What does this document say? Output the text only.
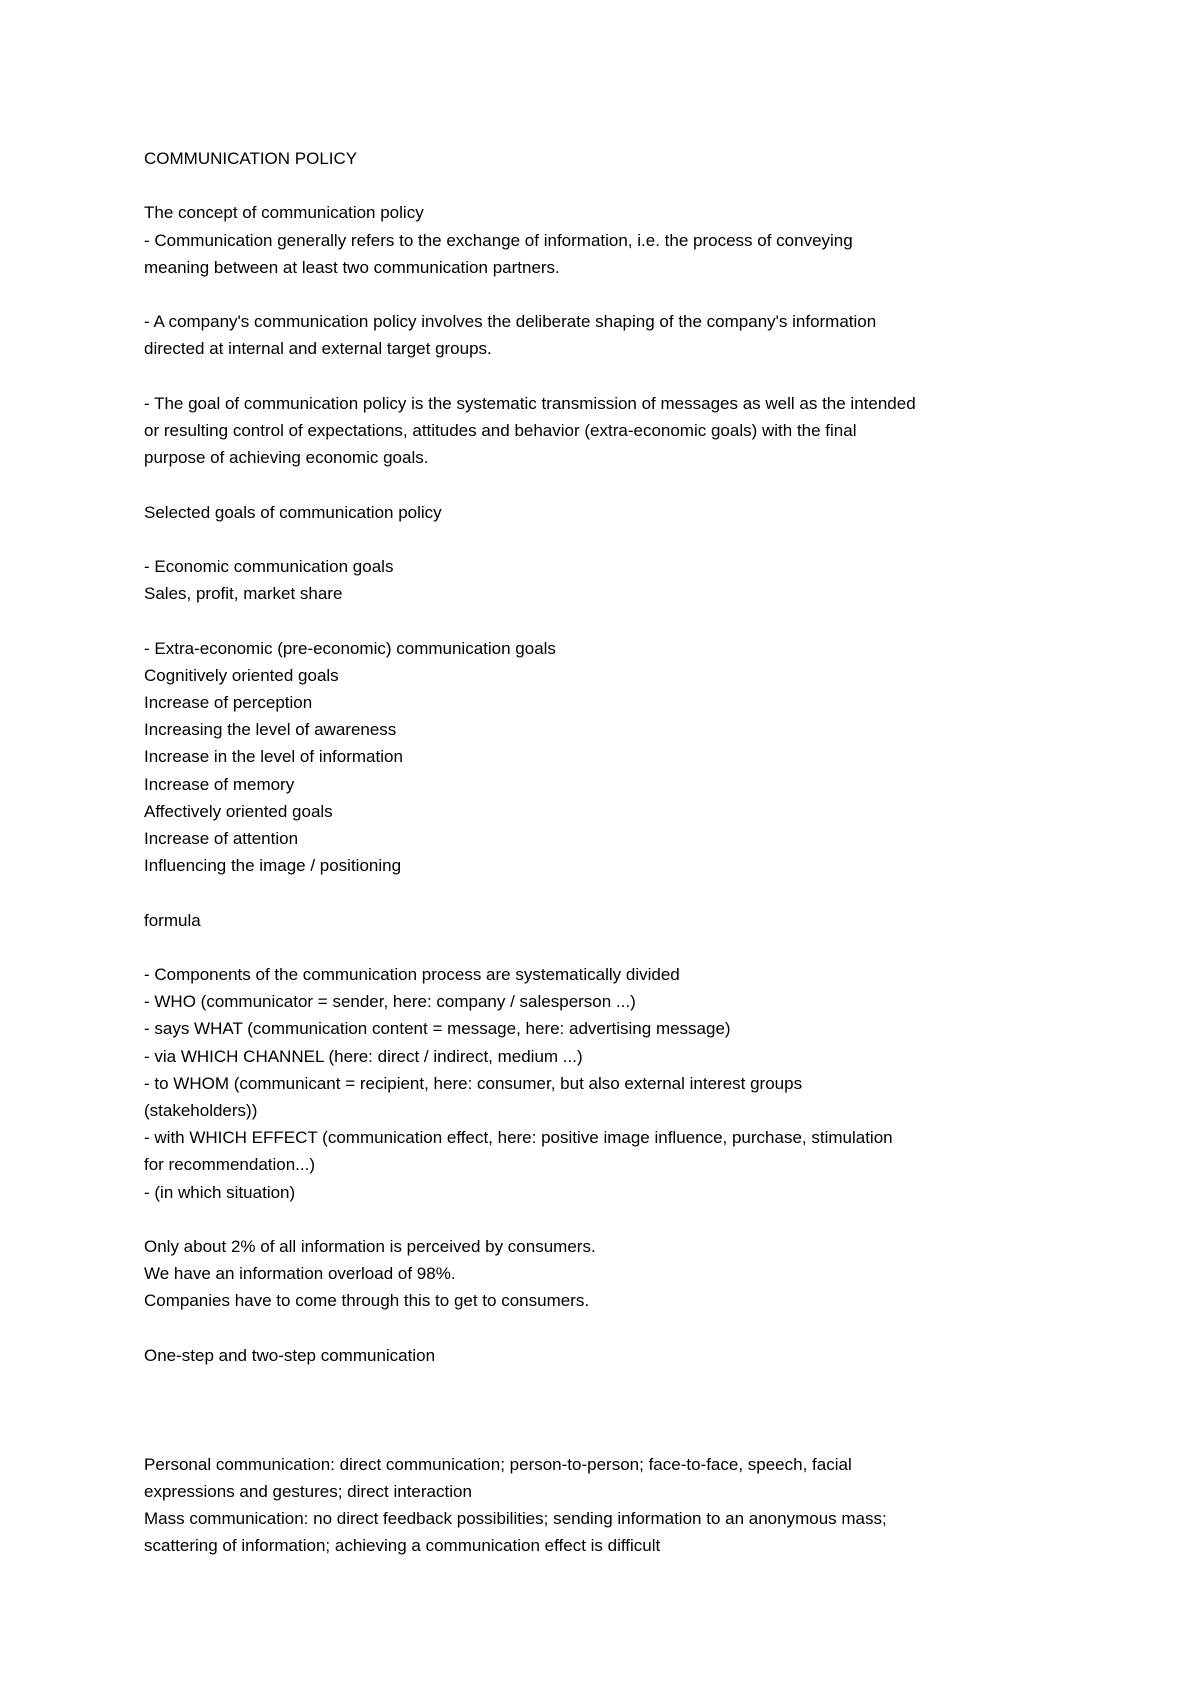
COMMUNICATION POLICY
The concept of communication policy
- Communication generally refers to the exchange of information, i.e. the process of conveying
meaning between at least two communication partners.
- A company's communication policy involves the deliberate shaping of the company's information
directed at internal and external target groups.
- The goal of communication policy is the systematic transmission of messages as well as the intended
or resulting control of expectations, attitudes and behavior (extra-economic goals) with the final
purpose of achieving economic goals.
Selected goals of communication policy
- Economic communication goals
Sales, profit, market share
- Extra-economic (pre-economic) communication goals
Cognitively oriented goals
Increase of perception
Increasing the level of awareness
Increase in the level of information
Increase of memory
Affectively oriented goals
Increase of attention
Influencing the image / positioning
formula
- Components of the communication process are systematically divided
- WHO (communicator = sender, here: company / salesperson ...)
- says WHAT (communication content = message, here: advertising message)
- via WHICH CHANNEL (here: direct / indirect, medium ...)
- to WHOM (communicant = recipient, here: consumer, but also external interest groups
(stakeholders))
- with WHICH EFFECT (communication effect, here: positive image influence, purchase, stimulation
for recommendation...)
- (in which situation)
Only about 2% of all information is perceived by consumers.
We have an information overload of 98%.
Companies have to come through this to get to consumers.
One-step and two-step communication
Personal communication: direct communication; person-to-person; face-to-face, speech, facial
expressions and gestures; direct interaction
Mass communication: no direct feedback possibilities; sending information to an anonymous mass;
scattering of information; achieving a communication effect is difficult
